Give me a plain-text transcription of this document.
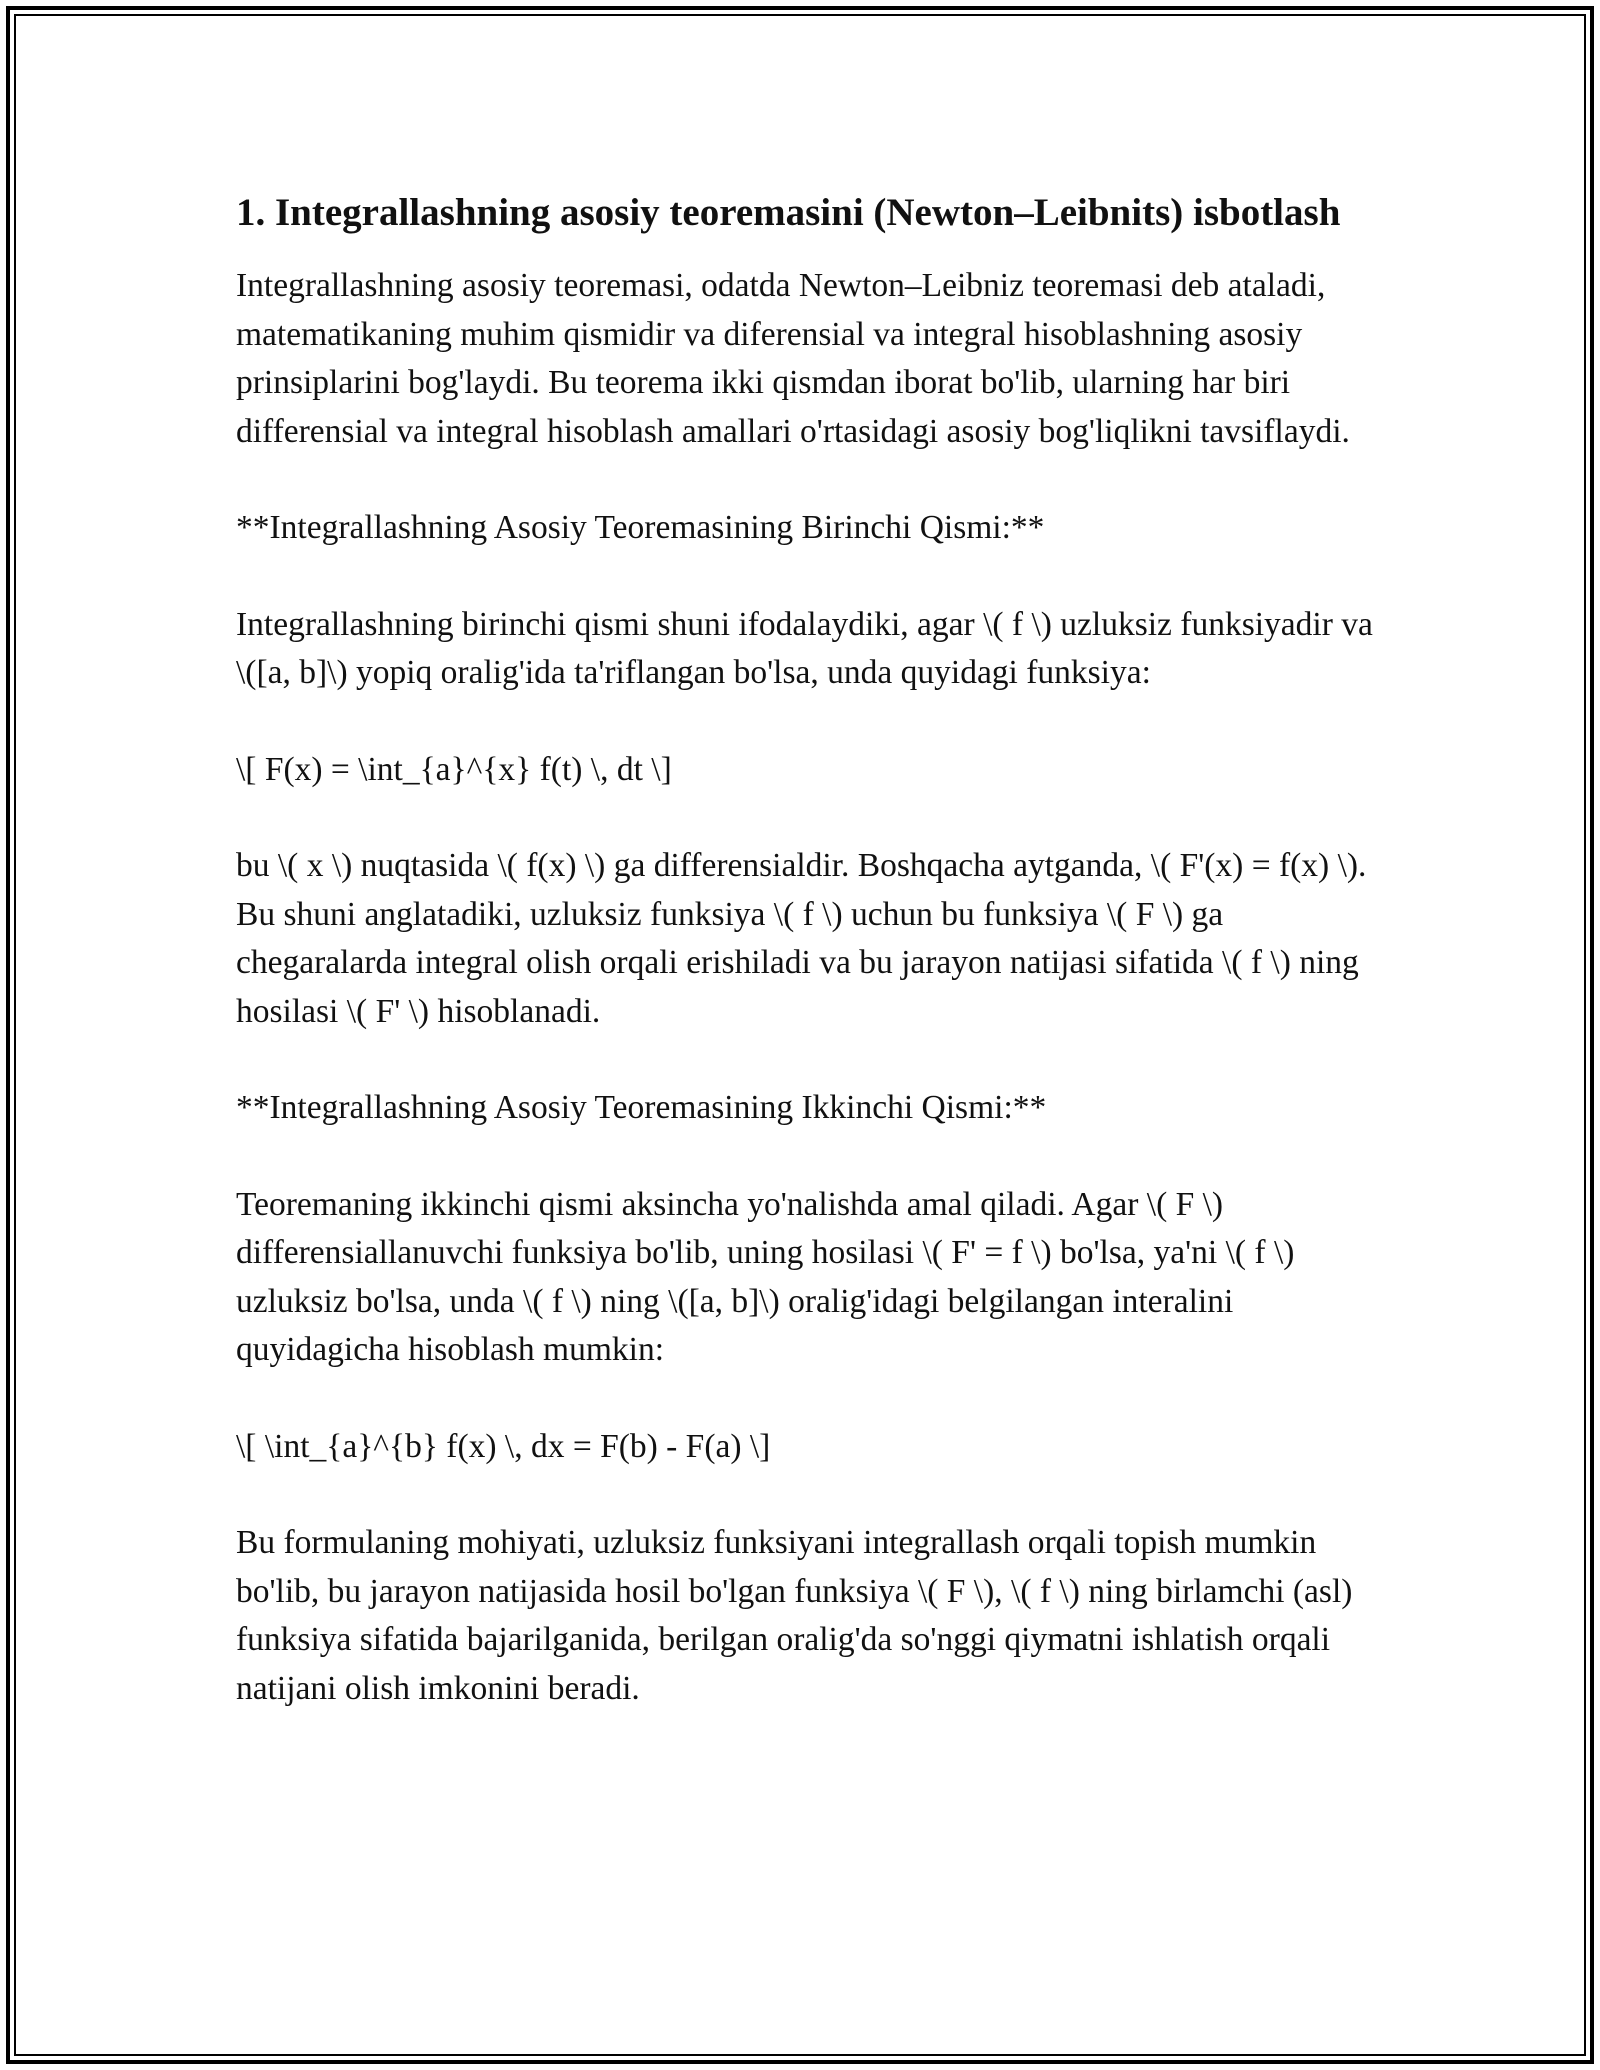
1. Integrallashning asosiy teoremasini (Newton–Leibnits) isbotlash

Integrallashning asosiy teoremasi, odatda Newton–Leibniz teoremasi deb ataladi, matematikaning muhim qismidir va diferensial va integral hisoblashning asosiy prinsiplarini bog'laydi. Bu teorema ikki qismdan iborat bo'lib, ularning har biri differensial va integral hisoblash amallari o'rtasidagi asosiy bog'liqlikni tavsiflaydi.

**Integrallashning Asosiy Teoremasining Birinchi Qismi:**

Integrallashning birinchi qismi shuni ifodalaydiki, agar \( f \) uzluksiz funksiyadir va \([a, b]\) yopiq oralig'ida ta'riflangan bo'lsa, unda quyidagi funksiya:

\[ F(x) = \int_{a}^{x} f(t) \, dt \]

bu \( x \) nuqtasida \( f(x) \) ga differensialdir. Boshqacha aytganda, \( F'(x) = f(x) \). Bu shuni anglatadiki, uzluksiz funksiya \( f \) uchun bu funksiya \( F \) ga chegaralarda integral olish orqali erishiladi va bu jarayon natijasi sifatida \( f \) ning hosilasi \( F' \) hisoblanadi.

**Integrallashning Asosiy Teoremasining Ikkinchi Qismi:**

Teoremaning ikkinchi qismi aksincha yo'nalishda amal qiladi. Agar \( F \) differensiallanuvchi funksiya bo'lib, uning hosilasi \( F' = f \) bo'lsa, ya'ni \( f \) uzluksiz bo'lsa, unda \( f \) ning \([a, b]\) oralig'idagi belgilangan interalini quyidagicha hisoblash mumkin:

\[ \int_{a}^{b} f(x) \, dx = F(b) - F(a) \]

Bu formulaning mohiyati, uzluksiz funksiyani integrallash orqali topish mumkin bo'lib, bu jarayon natijasida hosil bo'lgan funksiya \( F \), \( f \) ning birlamchi (asl) funksiya sifatida bajarilganida, berilgan oralig'da so'nggi qiymatni ishlatish orqali natijani olish imkonini beradi.
